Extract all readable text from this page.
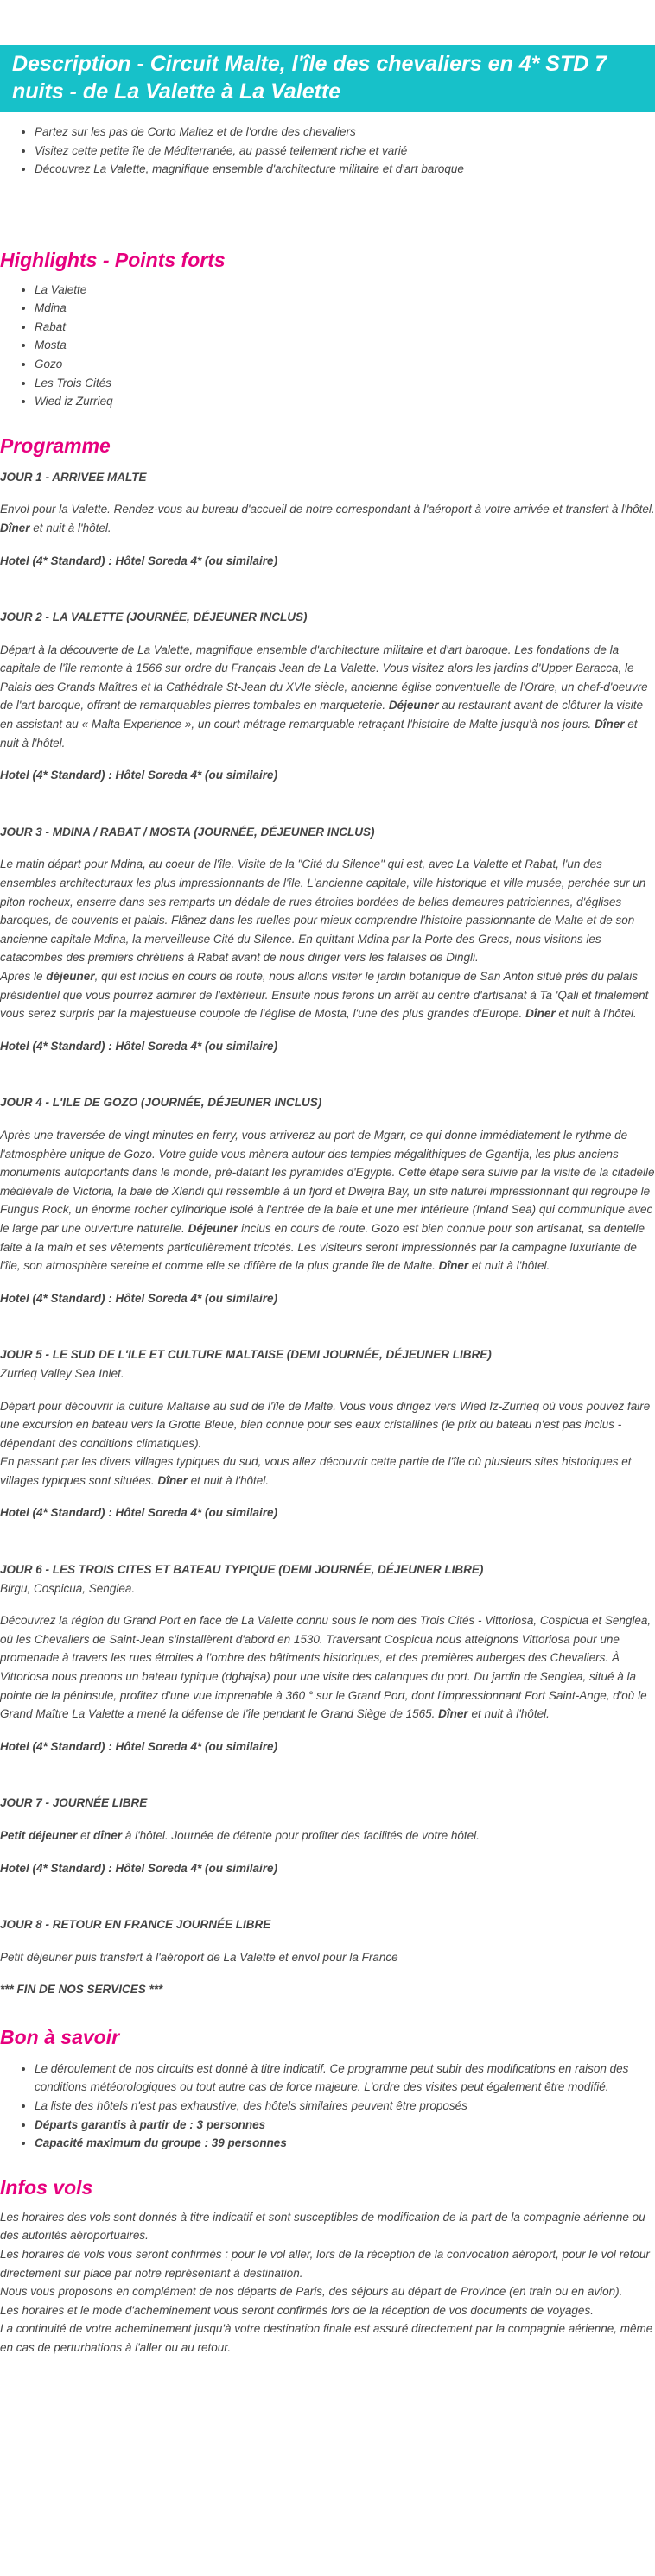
Description - Circuit Malte, l'île des chevaliers en 4* STD 7 nuits - de La Valette à La Valette
• Partez sur les pas de Corto Maltez et de l'ordre des chevaliers
• Visitez cette petite île de Méditerranée, au passé tellement riche et varié
• Découvrez La Valette, magnifique ensemble d'architecture militaire et d'art baroque
Highlights - Points forts
• La Valette
• Mdina
• Rabat
• Mosta
• Gozo
• Les Trois Cités
• Wied iz Zurrieq
Programme

JOUR 1 - ARRIVEE MALTE

Envol pour la Valette. Rendez-vous au bureau d'accueil de notre correspondant à l'aéroport à votre arrivée et transfert à l'hôtel. Dîner et nuit à l'hôtel.

Hotel (4* Standard) : Hôtel Soreda 4* (ou similaire)

JOUR 2 - LA VALETTE (JOURNÉE, DÉJEUNER INCLUS)

Départ à la découverte de La Valette, magnifique ensemble d'architecture militaire et d'art baroque. Les fondations de la capitale de l'île remonte à 1566 sur ordre du Français Jean de La Valette. Vous visitez alors les jardins d'Upper Baracca, le Palais des Grands Maîtres et la Cathédrale St-Jean du XVIe siècle, ancienne église conventuelle de l'Ordre, un chef-d'oeuvre de l'art baroque, offrant de remarquables pierres tombales en marqueterie. Déjeuner au restaurant avant de clôturer la visite en assistant au « Malta Experience », un court métrage remarquable retraçant l'histoire de Malte jusqu'à nos jours. Dîner et nuit à l'hôtel.

Hotel (4* Standard) : Hôtel Soreda 4* (ou similaire)

JOUR 3 - MDINA / RABAT / MOSTA (JOURNÉE, DÉJEUNER INCLUS)

Le matin départ pour Mdina, au coeur de l'île. Visite de la "Cité du Silence" qui est, avec La Valette et Rabat, l'un des ensembles architecturaux les plus impressionnants de l'île. L'ancienne capitale, ville historique et ville musée, perchée sur un piton rocheux, enserre dans ses remparts un dédale de rues étroites bordées de belles demeures patriciennes, d'églises baroques, de couvents et palais. Flânez dans les ruelles pour mieux comprendre l'histoire passionnante de Malte et de son ancienne capitale Mdina, la merveilleuse Cité du Silence. En quittant Mdina par la Porte des Grecs, nous visitons les catacombes des premiers chrétiens à Rabat avant de nous diriger vers les falaises de Dingli.

Après le déjeuner, qui est inclus en cours de route, nous allons visiter le jardin botanique de San Anton situé près du palais présidentiel que vous pourrez admirer de l'extérieur. Ensuite nous ferons un arrêt au centre d'artisanat à Ta 'Qali et finalement vous serez surpris par la majestueuse coupole de l'église de Mosta, l'une des plus grandes d'Europe. Dîner et nuit à l'hôtel.

Hotel (4* Standard) : Hôtel Soreda 4* (ou similaire)

JOUR 4 - L'ILE DE GOZO (JOURNÉE, DÉJEUNER INCLUS)

Après une traversée de vingt minutes en ferry, vous arriverez au port de Mgarr, ce qui donne immédiatement le rythme de l'atmosphère unique de Gozo. Votre guide vous mènera autour des temples mégalithiques de Ggantija, les plus anciens monuments autoportants dans le monde, pré-datant les pyramides d'Egypte. Cette étape sera suivie par la visite de la citadelle médiévale de Victoria, la baie de Xlendi qui ressemble à un fjord et Dwejra Bay, un site naturel impressionnant qui regroupe le Fungus Rock, un énorme rocher cylindrique isolé à l'entrée de la baie et une mer intérieure (Inland Sea) qui communique avec le large par une ouverture naturelle. Déjeuner inclus en cours de route. Gozo est bien connue pour son artisanat, sa dentelle faite à la main et ses vêtements particulièrement tricotés. Les visiteurs seront impressionnés par la campagne luxuriante de l'île, son atmosphère sereine et comme elle se diffère de la plus grande île de Malte. Dîner et nuit à l'hôtel.

Hotel (4* Standard) : Hôtel Soreda 4* (ou similaire)

JOUR 5 - LE SUD DE L'ILE ET CULTURE MALTAISE (DEMI JOURNÉE, DÉJEUNER LIBRE)

Zurrieq Valley Sea Inlet.

Départ pour découvrir la culture Maltaise au sud de l'île de Malte. Vous vous dirigez vers Wied Iz-Zurrieq où vous pouvez faire une excursion en bateau vers la Grotte Bleue, bien connue pour ses eaux cristallines (le prix du bateau n'est pas inclus - dépendant des conditions climatiques).

En passant par les divers villages typiques du sud, vous allez découvrir cette partie de l'île où plusieurs sites historiques et villages typiques sont situées. Dîner et nuit à l'hôtel.

Hotel (4* Standard) : Hôtel Soreda 4* (ou similaire)

JOUR 6 - LES TROIS CITES ET BATEAU TYPIQUE (DEMI JOURNÉE, DÉJEUNER LIBRE)

Birgu, Cospicua, Senglea.

Découvrez la région du Grand Port en face de La Valette connu sous le nom des Trois Cités - Vittoriosa, Cospicua et Senglea, où les Chevaliers de Saint-Jean s'installèrent d'abord en 1530. Traversant Cospicua nous atteignons Vittoriosa pour une promenade à travers les rues étroites à l'ombre des bâtiments historiques, et des premières auberges des Chevaliers. À Vittoriosa nous prenons un bateau typique (dghajsa) pour une visite des calanques du port. Du jardin de Senglea, situé à la pointe de la péninsule, profitez d'une vue imprenable à 360 ° sur le Grand Port, dont l'impressionnant Fort Saint-Ange, d'où le Grand Maître La Valette a mené la défense de l'île pendant le Grand Siège de 1565. Dîner et nuit à l'hôtel.

Hotel (4* Standard) : Hôtel Soreda 4* (ou similaire)

JOUR 7 - JOURNÉE LIBRE

Petit déjeuner et dîner à l'hôtel. Journée de détente pour profiter des facilités de votre hôtel.

Hotel (4* Standard) : Hôtel Soreda 4* (ou similaire)

JOUR 8 - RETOUR EN FRANCE JOURNÉE LIBRE

Petit déjeuner puis transfert à l'aéroport de La Valette et envol pour la France

*** FIN DE NOS SERVICES ***

Bon à savoir
• Le déroulement de nos circuits est donné à titre indicatif. Ce programme peut subir des modifications en raison des conditions météorologiques ou tout autre cas de force majeure. L'ordre des visites peut également être modifié.
• La liste des hôtels n'est pas exhaustive, des hôtels similaires peuvent être proposés
• Départs garantis à partir de : 3 personnes
• Capacité maximum du groupe : 39 personnes
Infos vols

Les horaires des vols sont donnés à titre indicatif et sont susceptibles de modification de la part de la compagnie aérienne ou des autorités aéroportuaires.

Les horaires de vols vous seront confirmés : pour le vol aller, lors de la réception de la convocation aéroport, pour le vol retour directement sur place par notre représentant à destination.

Nous vous proposons en complément de nos départs de Paris, des séjours au départ de Province (en train ou en avion).

Les horaires et le mode d'acheminement vous seront confirmés lors de la réception de vos documents de voyages.

La continuité de votre acheminement jusqu'à votre destination finale est assuré directement par la compagnie aérienne, même en cas de perturbations à l'aller ou au retour.
